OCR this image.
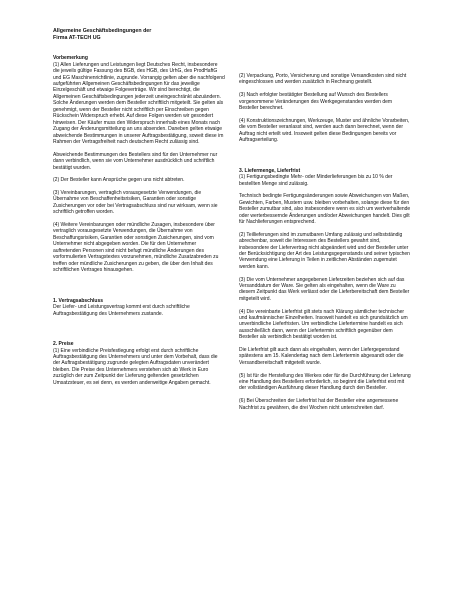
Allgemeine Geschäftsbedingungen der
Firma AT-TECH UG

Vorbemerkung

(1) Allen Lieferungen und Leistungen liegt Deutsches Recht, insbesondere die jeweils gültige Fassung des BGB, des HGB, des UrhG, des ProdHaftG und EG Maschinenrichtlinie, zugrunde. Vorrangig gelten aber die nachfolgend aufgeführten Allgemeinen Geschäftsbedingungen für das jeweilige Einzelgeschäft und etwaige Folgeverträge. Wir sind berechtigt, die Allgemeinen Geschäftsbedingungen jederzeit uneingeschränkt abzuändern. Solche Änderungen werden dem Besteller schriftlich mitgeteilt. Sie gelten als genehmigt, wenn der Besteller nicht schriftlich per Einschreiben gegen Rückschein Widerspruch erhebt. Auf diese Folgen werden wir gesondert hinweisen. Der Käufer muss den Widerspruch innerhalb eines Monats nach Zugang der Änderungsmitteilung an uns absenden. Daneben gelten etwaige abweichende Bestimmungen in unserer Auftragsbestätigung, soweit diese im Rahmen der Vertragsfreiheit nach deutschem Recht zulässig sind.

Abweichende Bestimmungen des Bestellers sind für den Unternehmer nur dann verbindlich, wenn sie vom Unternehmer ausdrücklich und schriftlich bestätigt wurden.

(2) Der Besteller kann Ansprüche gegen uns nicht abtreten.

(3) Vereinbarungen, vertraglich vorausgesetzte Verwendungen, die Übernahme von Beschaffenheitsrisiken, Garantien oder sonstige Zusicherungen vor oder bei Vertragsabschluss sind nur wirksam, wenn sie schriftlich getroffen worden.

(4) Weitere Vereinbarungen oder mündliche Zusagen, insbesondere über vertraglich vorausgesetzte Verwendungen, die Übernahme von Beschaffungsrisiken, Garantien oder sonstigen Zusicherungen, sind vom Unternehmer nicht abgegeben worden. Die für den Unternehmer auftretenden Personen sind nicht befugt mündliche Änderungen des vorformulierten Vertragstextes vorzunehmen, mündliche Zusatzabreden zu treffen oder mündliche Zusicherungen zu geben, die über den Inhalt des schriftlichen Vertrages hinausgehen.

1. Vertragsabschluss

Der Liefer- und Leistungsvertrag kommt erst durch schriftliche Auftragsbestätigung des Unternehmers zustande.

2. Preise

(1) Eine verbindliche Preisfestlegung erfolgt erst durch schriftliche Auftragsbestätigung des Unternehmers und unter dem Vorbehalt, dass die der Auftragsbestätigung zugrunde gelegten Auftragsdaten unverändert bleiben. Die Preise des Unternehmers verstehen sich ab Werk in Euro zuzüglich der zum Zeitpunkt der Lieferung geltenden gesetzlichen Umsatzsteuer, es sei denn, es werden anderweitige Angaben gemacht.

(2) Verpackung, Porto, Versicherung und sonstige Versandkosten sind nicht eingeschlossen und werden zusätzlich in Rechnung gestellt.

(3) Nach erfolgter bestätigter Bestellung auf Wunsch des Bestellers vorgenommene Veränderungen des Werkgegenstandes werden dem Besteller berechnet.

(4) Konstruktionszeichnungen, Werkzeuge, Muster und ähnliche Vorarbeiten, die vom Besteller veranlasst sind, werden auch dann berechnet, wenn der Auftrag nicht erteilt wird. Insoweit gelten diese Bedingungen bereits vor Auftragserteilung.

3. Liefermenge, Lieferfrist

(1) Fertigungsbedingte Mehr- oder Minderlieferungen bis zu 10 % der bestellten Menge sind zulässig.

Technisch bedingte Fertigungsänderungen sowie Abweichungen von Maßen, Gewichten, Farben, Mustern usw. bleiben vorbehalten, solange diese für den Besteller zumutbar sind, also insbesondere wenn es sich um wertverhaltende oder werterbessernde Änderungen und/oder Abweichungen handelt. Dies gilt für Nachlieferungen entsprechend.

(2) Teillieferungen sind im zumutbaren Umfang zulässig und selbstständig abrechenbar, soweit die Interessen des Bestellers gewahrt sind, insbesondere der Liefervertrag nicht abgeändert wird und der Besteller unter der Berücksichtigung der Art des Leistungsgegenstands und seiner typischen Verwendung eine Lieferung in Teilen in zeitlichen Abständen zugemutet werden kann.

(3) Die vom Unternehmer angegebenen Lieferzeiten beziehen sich auf das Versanddatum der Ware. Sie gelten als eingehalten, wenn die Ware zu diesem Zeitpunkt das Werk verlässt oder die Lieferbereitschaft dem Besteller mitgeteilt wird.

(4) Die vereinbarte Lieferfrist gilt stets nach Klärung sämtlicher technischer und kaufmännischer Einzelheiten. Insoweit handelt es sich grundsätzlich um unverbindliche Lieferfristen. Um verbindliche Liefertermine handelt es sich ausschließlich dann, wenn der Liefertermin schriftlich gegenüber dem Besteller als verbindlich bestätigt worden ist.

Die Lieferfrist gilt auch dann als eingehalten, wenn der Liefergegenstand spätestens am 15. Kalendertag nach dem Liefertermin abgesandt oder die Versandbereitschaft mitgeteilt wurde.

(5) Ist für die Herstellung des Werkes oder für die Durchführung der Lieferung eine Handlung des Bestellers erforderlich, so beginnt die Lieferfrist erst mit der vollständigen Ausführung dieser Handlung durch den Besteller.

(6) Bei Überschreiten der Lieferfrist hat der Besteller eine angemessene Nachfrist zu gewähren, die drei Wochen nicht unterschreiten darf.
